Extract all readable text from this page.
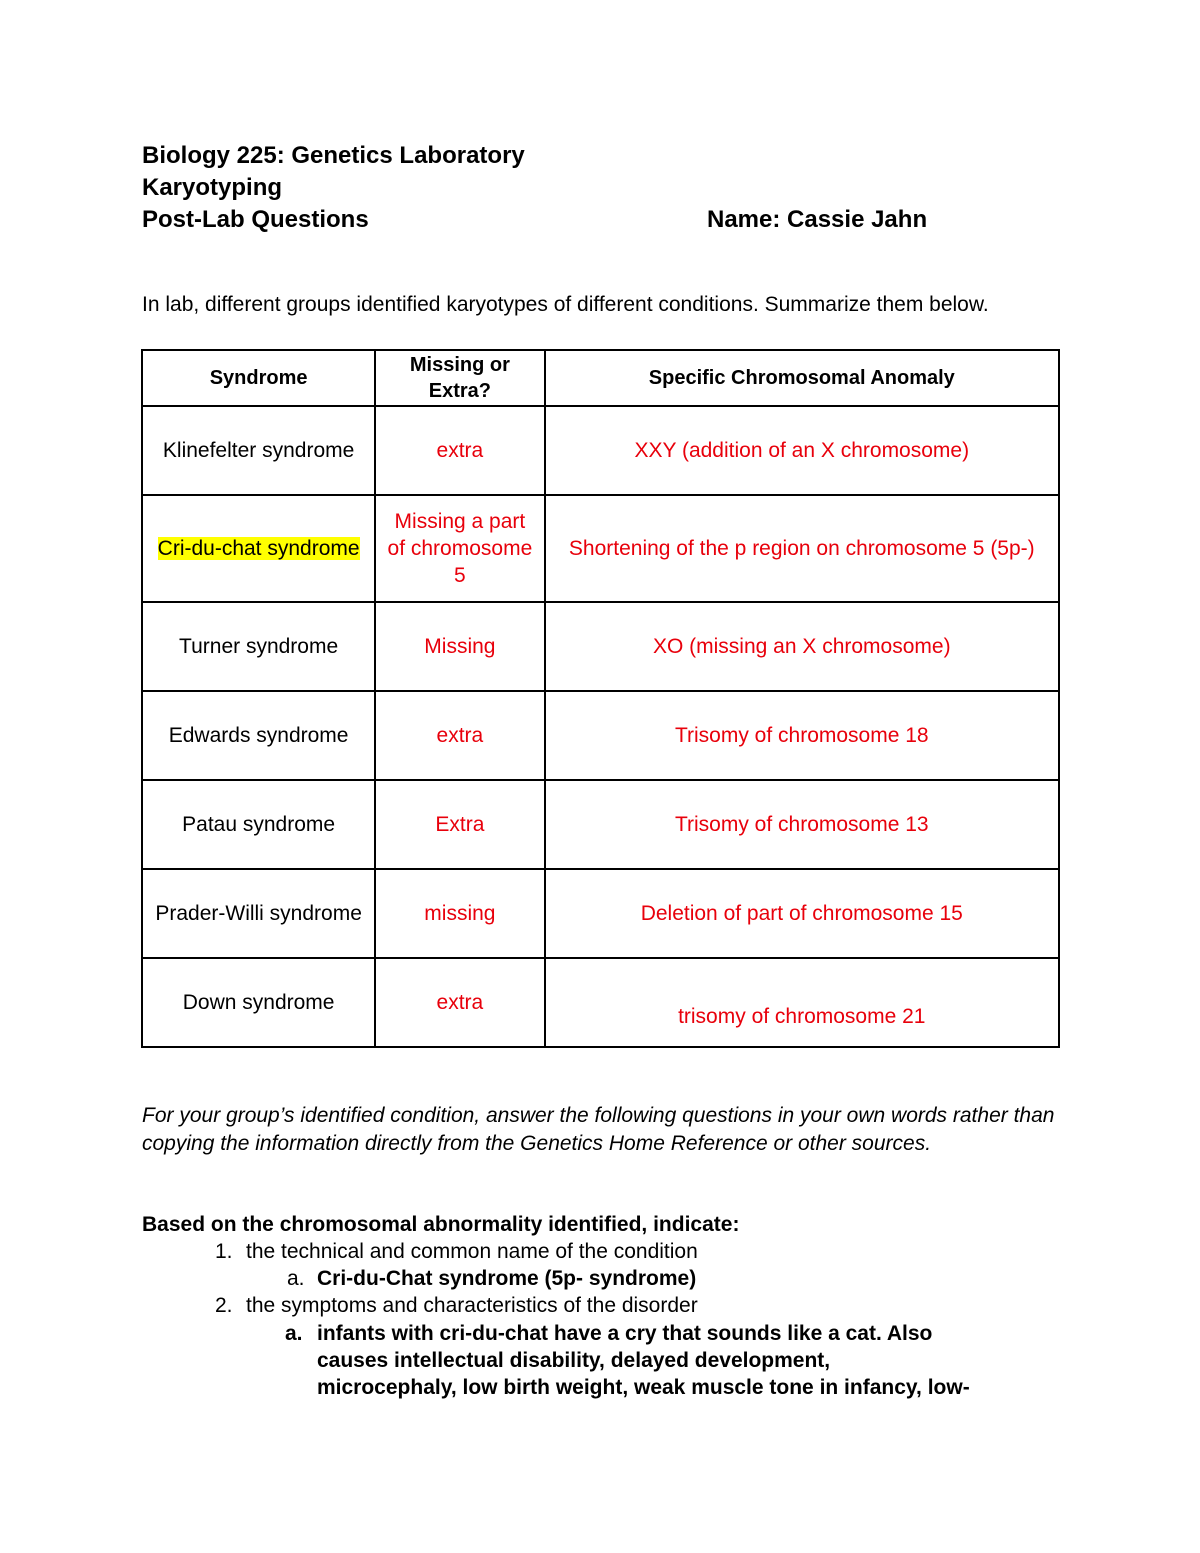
Biology 225: Genetics Laboratory
Karyotyping
Post-Lab Questions	Name: Cassie Jahn
In lab, different groups identified karyotypes of different conditions. Summarize them below.
Syndrome	Missing or Extra?	Specific Chromosomal Anomaly
Klinefelter syndrome	extra	XXY (addition of an X chromosome)
Cri-du-chat syndrome	Missing a part of chromosome 5	Shortening of the p region on chromosome 5 (5p-)
Turner syndrome	Missing	XO (missing an X chromosome)
Edwards syndrome	extra	Trisomy of chromosome 18
Patau syndrome	Extra	Trisomy of chromosome 13
Prader-Willi syndrome	missing	Deletion of part of chromosome 15
Down syndrome	extra	trisomy of chromosome 21
For your group’s identified condition, answer the following questions in your own words rather than copying the information directly from the Genetics Home Reference or other sources.
Based on the chromosomal abnormality identified, indicate:
1. the technical and common name of the condition
a. Cri-du-Chat syndrome (5p- syndrome)
2. the symptoms and characteristics of the disorder
a. infants with cri-du-chat have a cry that sounds like a cat. Also
causes intellectual disability, delayed development,
microcephaly, low birth weight, weak muscle tone in infancy, low-
